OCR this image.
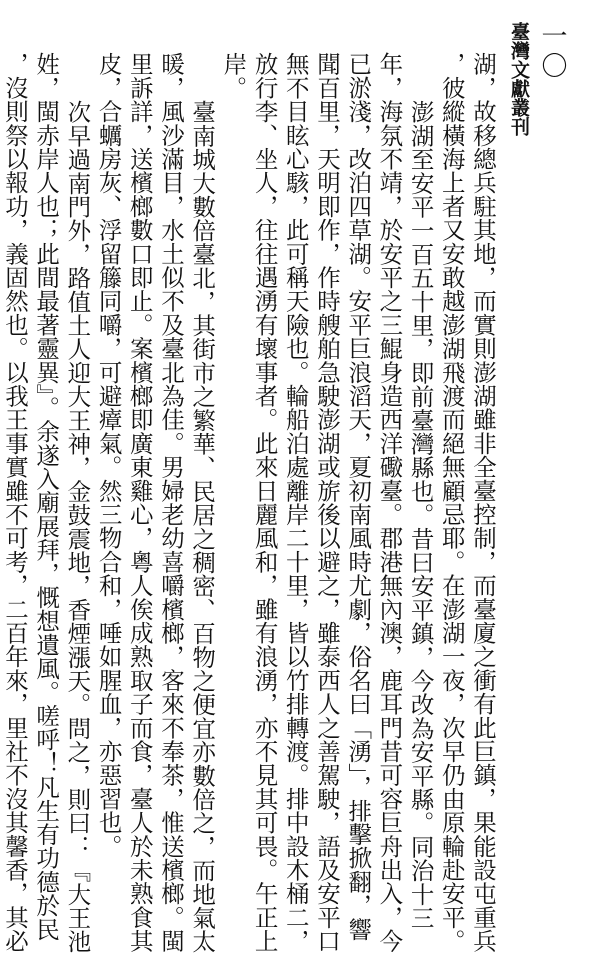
臺灣文獻叢刊 一〇
湖，故移總兵駐其地，而實則澎湖雖非全臺控制，而臺廈之衝有此巨鎮，果能設屯重兵
，彼縱橫海上者又安敢越澎湖飛渡而絕無顧忌耶。在澎湖一夜，次早仍由原輪赴安平。
澎湖至安平一百五十里，即前臺灣縣也。昔曰安平鎮，今改為安平縣。同治十三
年，海氛不靖，於安平之三鯤身造西洋礮臺。郡港無內澳，鹿耳門昔可容巨舟出入，今
已淤淺，改泊四草湖。安平巨浪滔天，夏初南風時尤劇，俗名曰「湧」，排擊掀翻，響
聞百里，天明即作，作時艘舶急駛澎湖或旂後以避之，雖泰西人之善駕駛，語及安平口
無不目眩心駭，此可稱天險也。輪船泊處離岸二十里，皆以竹排轉渡。排中設木桶二，
放行李、坐人，往往遇湧有壞事者。此來日麗風和，雖有浪湧，亦不見其可畏。午正上
岸。
臺南城大數倍臺北，其街市之繁華、民居之稠密、百物之便宜亦數倍之，而地氣太
暖，風沙滿目，水土似不及臺北為佳。男婦老幼喜嚼檳榔，客來不奉茶，惟送檳榔。閩
里訴詳，送檳榔數口即止。案檳榔即廣東雞心，粵人俟成熟取子而食，臺人於未熟食其
皮，合蠣房灰、浮留籐同嚼，可避瘴氣。然三物合和，唾如腥血，亦惡習也。
次早過南門外，路值土人迎大王神，金鼓震地，香煙漲天。問之，則曰：『大王池
姓，閩赤岸人也；此間最著靈異』。余遂入廟展拜，慨想遺風。嗟呼！凡生有功德於民
，沒則祭以報功，義固然也。以我王事實雖不可考，二百年來，里社不沒其馨香，其必
